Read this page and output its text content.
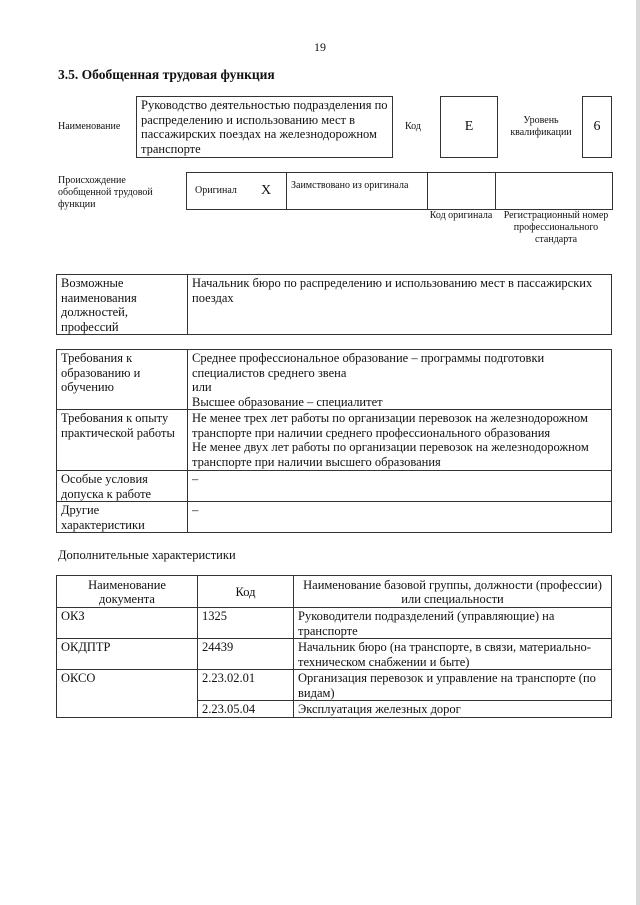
19
3.5. Обобщенная трудовая функция
Наименование
Руководство деятельностью подразделения по распределению и использованию мест в пассажирских поездах на железнодорожном транспорте
Код	E	Уровень квалификации	6
Происхождение обобщенной трудовой функции
Оригинал X Заимствовано из оригинала
Код оригинала	Регистрационный номер профессионального стандарта
Возможные наименования должностей, профессий	Начальник бюро по распределению и использованию мест в пассажирских поездах
Требования к образованию и обучению	Среднее профессиональное образование – программы подготовки специалистов среднего звена
или
Высшее образование – специалитет
Требования к опыту практической работы	Не менее трех лет работы по организации перевозок на железнодорожном транспорте при наличии среднего профессионального образования
Не менее двух лет работы по организации перевозок на железнодорожном транспорте при наличии высшего образования
Особые условия допуска к работе	–
Другие характеристики	–
Дополнительные характеристики
Наименование документа	Код	Наименование базовой группы, должности (профессии) или специальности
ОКЗ	1325	Руководители подразделений (управляющие) на транспорте
ОКДПТР	24439	Начальник бюро (на транспорте, в связи, материально-техническом снабжении и быте)
ОКСО	2.23.02.01	Организация перевозок и управление на транспорте (по видам)
	2.23.05.04	Эксплуатация железных дорог
